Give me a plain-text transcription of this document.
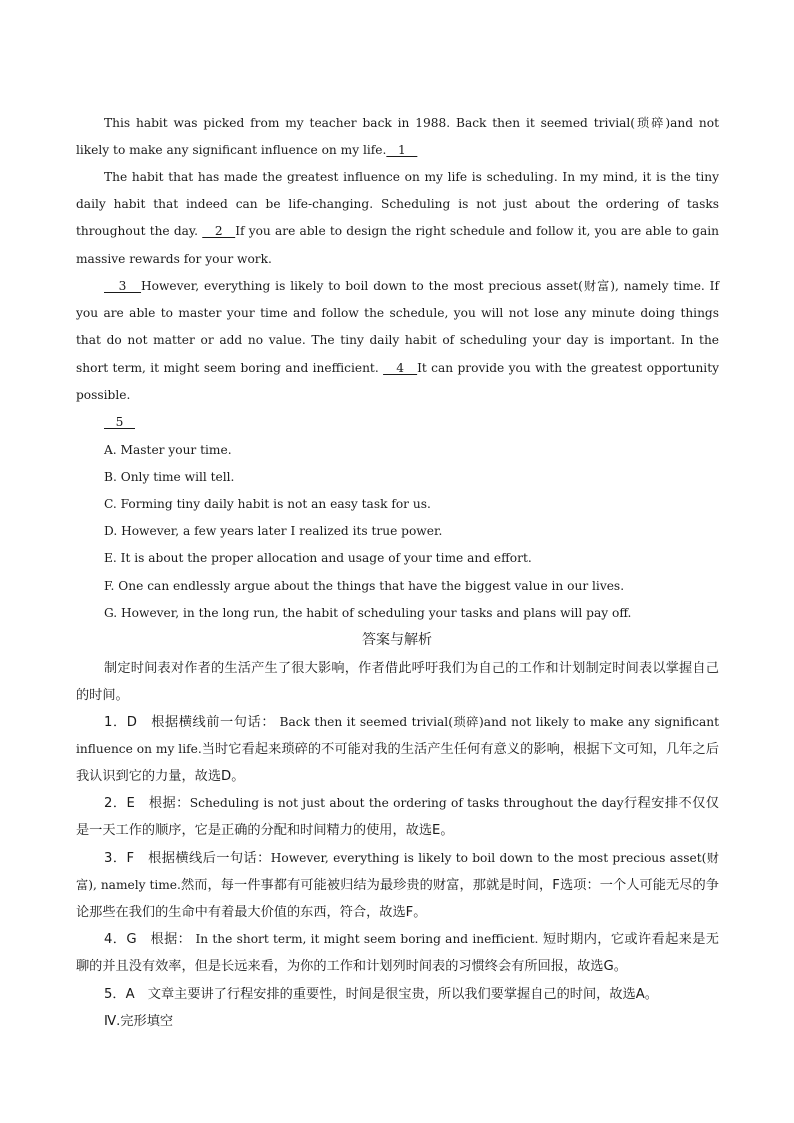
This habit was picked from my teacher back in 1988. Back then it seemed trivial(琐碎)and not likely to make any significant influence on my life.   1

The habit that has made the greatest influence on my life is scheduling. In my mind, it is the tiny daily habit that indeed can be life-changing. Scheduling is not just about the ordering of tasks throughout the day.    2   If you are able to design the right schedule and follow it, you are able to gain massive rewards for your work.

3   However, everything is likely to boil down to the most precious asset(财富), namely time. If you are able to master your time and follow the schedule, you will not lose any minute doing things that do not matter or add no value. The tiny daily habit of scheduling your day is important. In the short term, it might seem boring and inefficient.    4   It can provide you with the greatest opportunity possible.

5

A. Master your time.

B. Only time will tell.

C. Forming tiny daily habit is not an easy task for us.

D. However, a few years later I realized its true power.

E. It is about the proper allocation and usage of your time and effort.

F. One can endlessly argue about the things that have the biggest value in our lives.

G. However, in the long run, the habit of scheduling your tasks and plans will pay off.

答案与解析

制定时间表对作者的生活产生了很大影响，作者借此呼吁我们为自己的工作和计划制定时间表以掌握自己的时间。

1．D　根据横线前一句话： Back then it seemed trivial(琐碎)and not likely to make any significant influence on my life.当时它看起来琐碎的不可能对我的生活产生任何有意义的影响，根据下文可知，几年之后我认识到它的力量，故选D。

2．E　根据：Scheduling is not just about the ordering of tasks throughout the day行程安排不仅仅是一天工作的顺序，它是正确的分配和时间精力的使用，故选E。

3．F　根据横线后一句话：However, everything is likely to boil down to the most precious asset(财富), namely time.然而，每一件事都有可能被归结为最珍贵的财富，那就是时间，F选项：一个人可能无尽的争论那些在我们的生命中有着最大价值的东西，符合，故选F。

4．G　根据： In the short term, it might seem boring and inefficient. 短时期内，它或许看起来是无聊的并且没有效率，但是长远来看，为你的工作和计划列时间表的习惯终会有所回报，故选G。

5．A　文章主要讲了行程安排的重要性，时间是很宝贵，所以我们要掌握自己的时间，故选A。

Ⅳ.完形填空
